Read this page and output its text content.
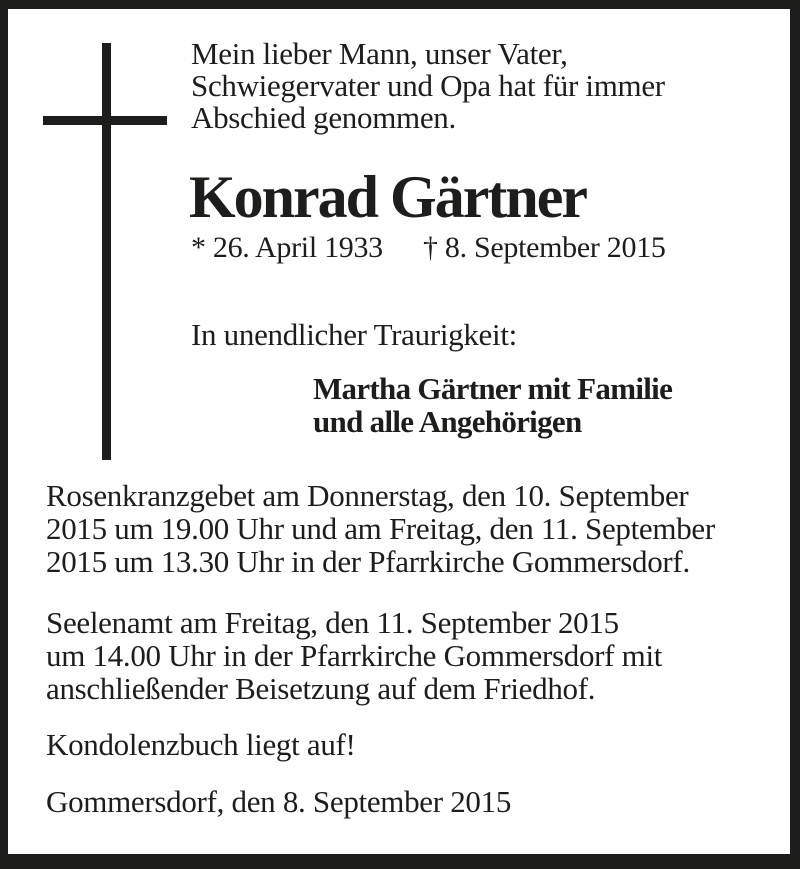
Mein lieber Mann, unser Vater,
Schwiegervater und Opa hat für immer
Abschied genommen.
Konrad Gärtner
* 26. April 1933	† 8. September 2015
In unendlicher Traurigkeit:
Martha Gärtner mit Familie
und alle Angehörigen
Rosenkranzgebet am Donnerstag, den 10. September
2015 um 19.00 Uhr und am Freitag, den 11. September
2015 um 13.30 Uhr in der Pfarrkirche Gommersdorf.
Seelenamt am Freitag, den 11. September 2015
um 14.00 Uhr in der Pfarrkirche Gommersdorf mit
anschließender Beisetzung auf dem Friedhof.
Kondolenzbuch liegt auf!
Gommersdorf, den 8. September 2015
